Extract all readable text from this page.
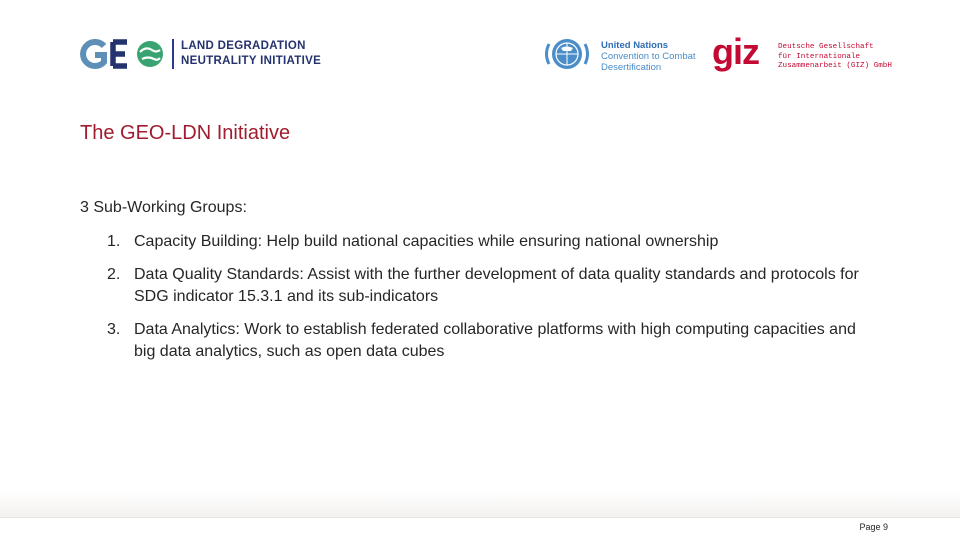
LAND DEGRADATION
NEUTRALITY INITIATIVE
United Nations
Convention to Combat
Desertification	giz	Deutsche Gesellschaft
für Internationale
Zusammenarbeit (GIZ) GmbH
The GEO-LDN Initiative

3 Sub-Working Groups:

1. Capacity Building: Help build national capacities while ensuring national ownership
2. Data Quality Standards: Assist with the further development of data quality standards and protocols for SDG indicator 15.3.1 and its sub-indicators
3. Data Analytics: Work to establish federated collaborative platforms with high computing capacities and big data analytics, such as open data cubes
Page 9
